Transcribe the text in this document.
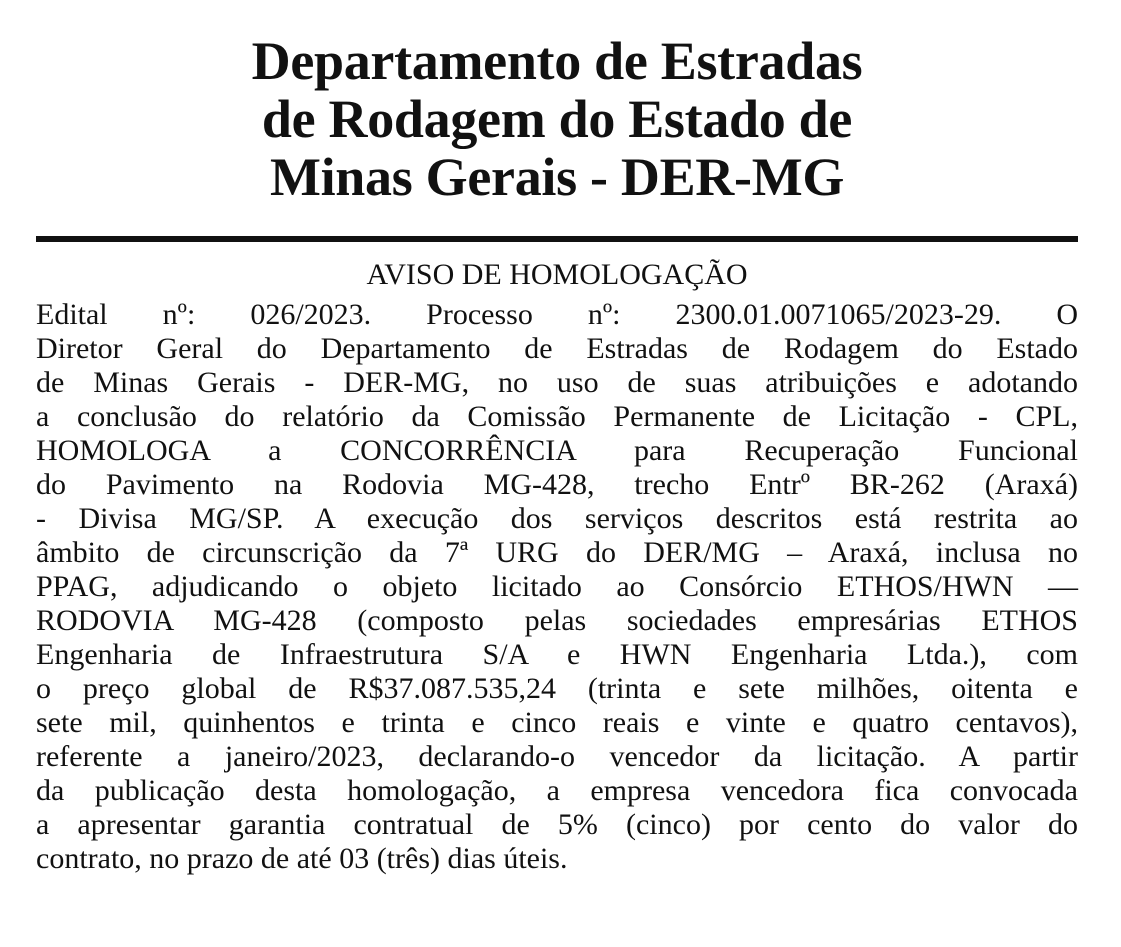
Departamento de Estradas
de Rodagem do Estado de
Minas Gerais - DER-MG
AVISO DE HOMOLOGAÇÃO
Edital nº: 026/2023. Processo nº: 2300.01.0071065/2023-29. O
Diretor Geral do Departamento de Estradas de Rodagem do Estado
de Minas Gerais - DER-MG, no uso de suas atribuições e adotando
a conclusão do relatório da Comissão Permanente de Licitação - CPL,
HOMOLOGA a CONCORRÊNCIA para Recuperação Funcional
do Pavimento na Rodovia MG-428, trecho Entrº BR-262 (Araxá)
- Divisa MG/SP. A execução dos serviços descritos está restrita ao
âmbito de circunscrição da 7ª URG do DER/MG – Araxá, inclusa no
PPAG, adjudicando o objeto licitado ao Consórcio ETHOS/HWN —
RODOVIA MG-428 (composto pelas sociedades empresárias ETHOS
Engenharia de Infraestrutura S/A e HWN Engenharia Ltda.), com
o preço global de R$37.087.535,24 (trinta e sete milhões, oitenta e
sete mil, quinhentos e trinta e cinco reais e vinte e quatro centavos),
referente a janeiro/2023, declarando-o vencedor da licitação. A partir
da publicação desta homologação, a empresa vencedora fica convocada
a apresentar garantia contratual de 5% (cinco) por cento do valor do
contrato, no prazo de até 03 (três) dias úteis.
